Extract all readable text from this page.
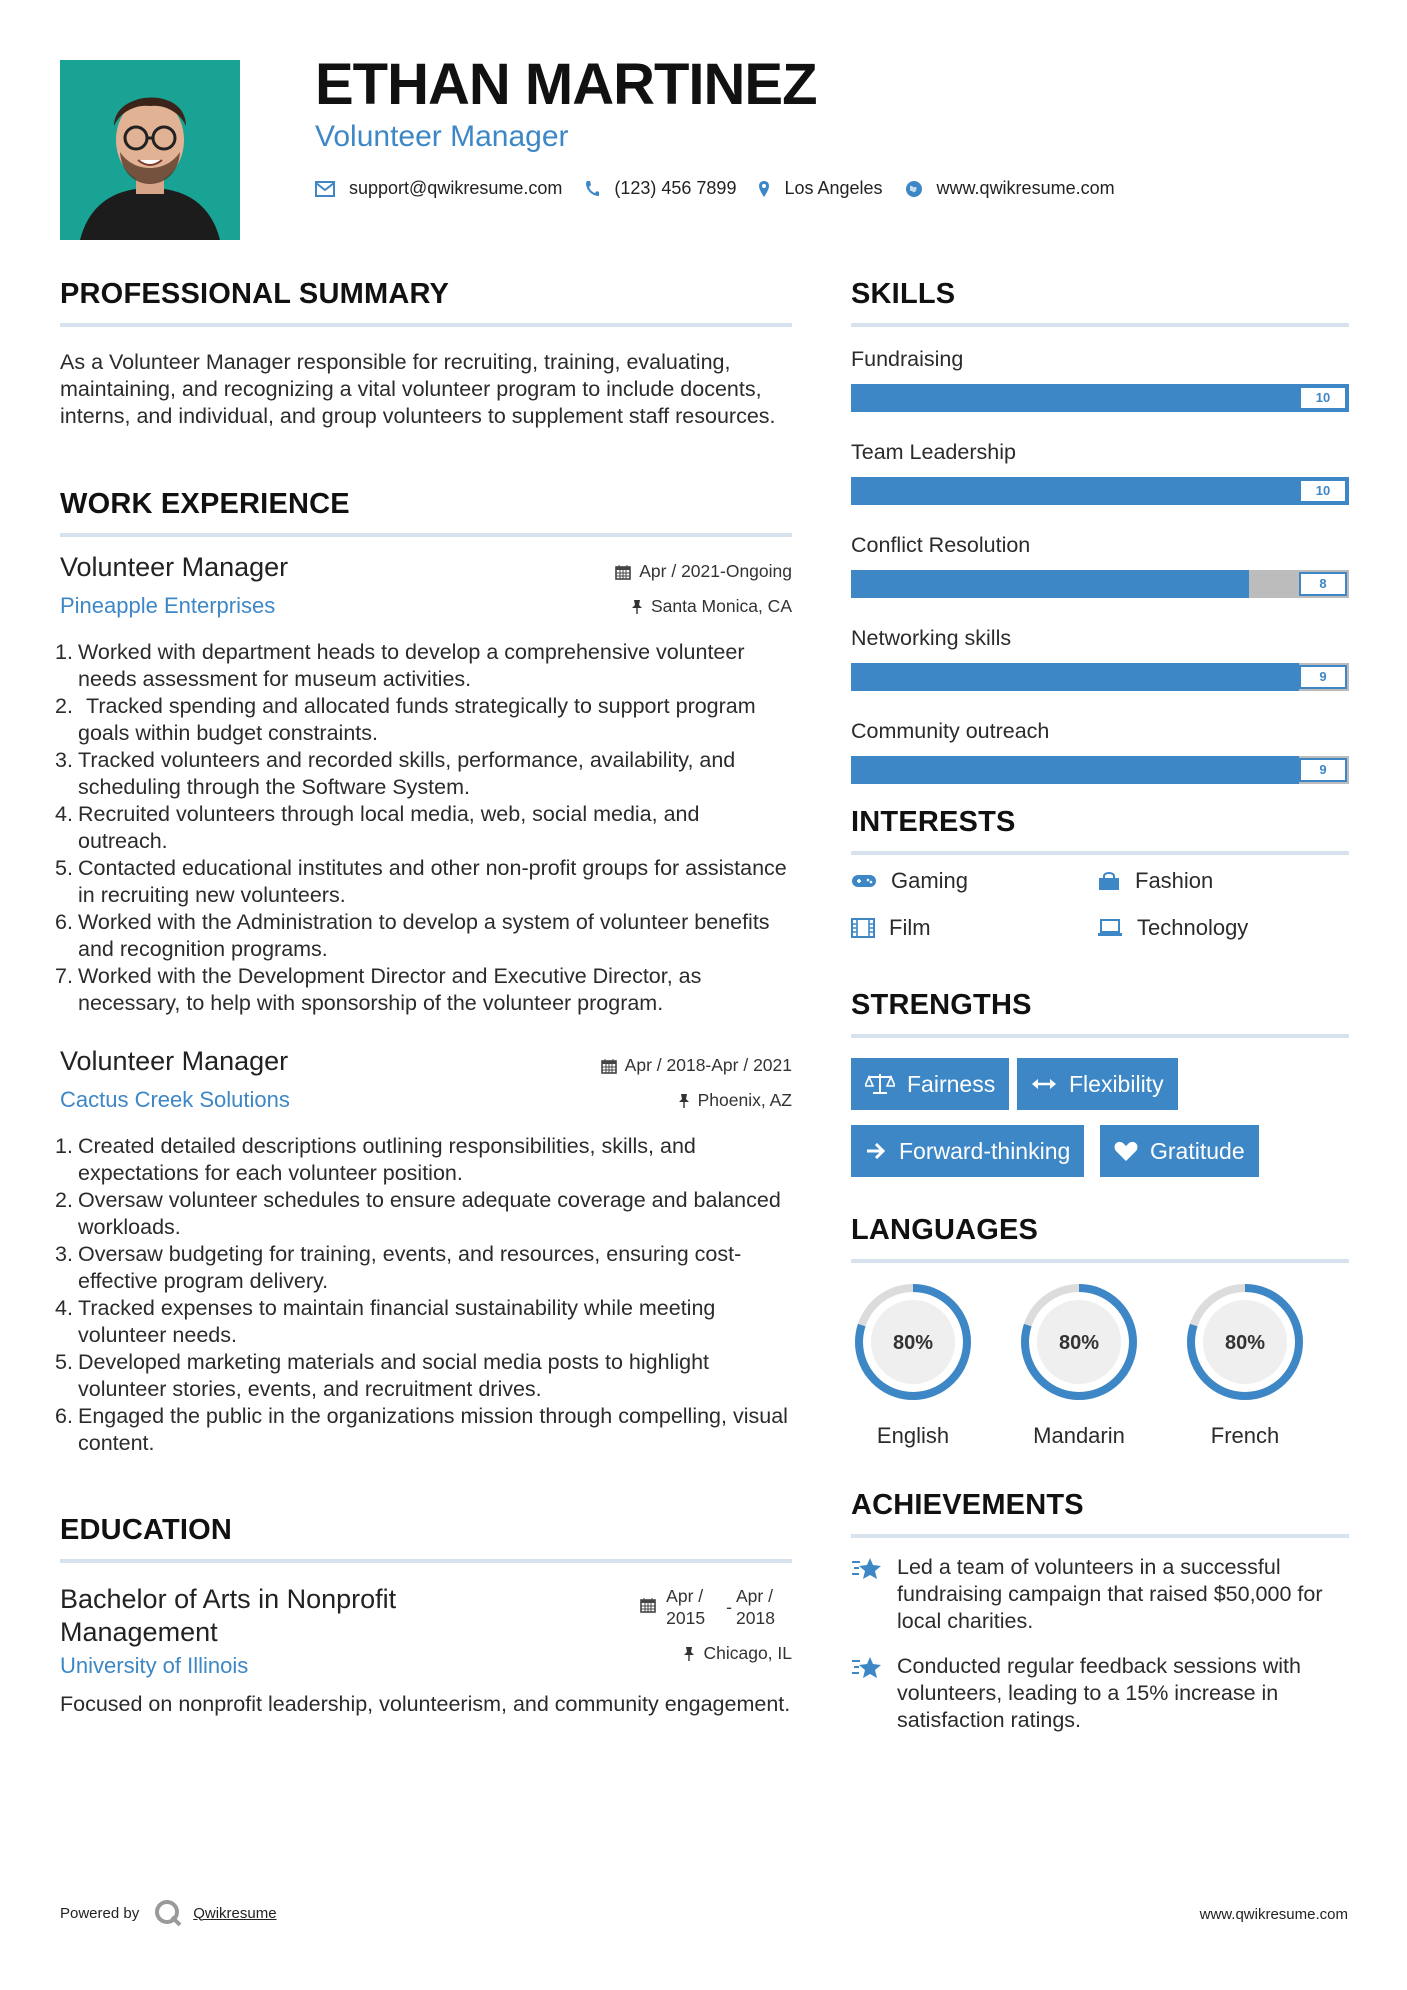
ETHAN MARTINEZ
Volunteer Manager
support@qwikresume.com	(123) 456 7899	Los Angeles	www.qwikresume.com
PROFESSIONAL SUMMARY
As a Volunteer Manager responsible for recruiting, training, evaluating, maintaining, and recognizing a vital volunteer program to include docents, interns, and individual, and group volunteers to supplement staff resources.
WORK EXPERIENCE
Volunteer Manager
Pineapple Enterprises
Apr / 2021-Ongoing
Santa Monica, CA
1. Worked with department heads to develop a comprehensive volunteer needs assessment for museum activities.
2. Tracked spending and allocated funds strategically to support program goals within budget constraints.
3. Tracked volunteers and recorded skills, performance, availability, and scheduling through the Software System.
4. Recruited volunteers through local media, web, social media, and outreach.
5. Contacted educational institutes and other non-profit groups for assistance in recruiting new volunteers.
6. Worked with the Administration to develop a system of volunteer benefits and recognition programs.
7. Worked with the Development Director and Executive Director, as necessary, to help with sponsorship of the volunteer program.
Volunteer Manager
Cactus Creek Solutions
Apr / 2018-Apr / 2021
Phoenix, AZ
1. Created detailed descriptions outlining responsibilities, skills, and expectations for each volunteer position.
2. Oversaw volunteer schedules to ensure adequate coverage and balanced workloads.
3. Oversaw budgeting for training, events, and resources, ensuring cost-effective program delivery.
4. Tracked expenses to maintain financial sustainability while meeting volunteer needs.
5. Developed marketing materials and social media posts to highlight volunteer stories, events, and recruitment drives.
6. Engaged the public in the organizations mission through compelling, visual content.
EDUCATION
Bachelor of Arts in Nonprofit Management
University of Illinois
Apr / 2015
-
Apr / 2018
Chicago, IL
Focused on nonprofit leadership, volunteerism, and community engagement.
SKILLS
Fundraising
10
Team Leadership
10
Conflict Resolution
8
Networking skills
9
Community outreach
9
INTERESTS
Gaming	Fashion
Film	Technology
STRENGTHS
Fairness	Flexibility
Forward-thinking	Gratitude
LANGUAGES
80%
English
80%
Mandarin
80%
French
ACHIEVEMENTS
Led a team of volunteers in a successful fundraising campaign that raised $50,000 for local charities.
Conducted regular feedback sessions with volunteers, leading to a 15% increase in satisfaction ratings.
Powered by	Qwikresume	www.qwikresume.com
